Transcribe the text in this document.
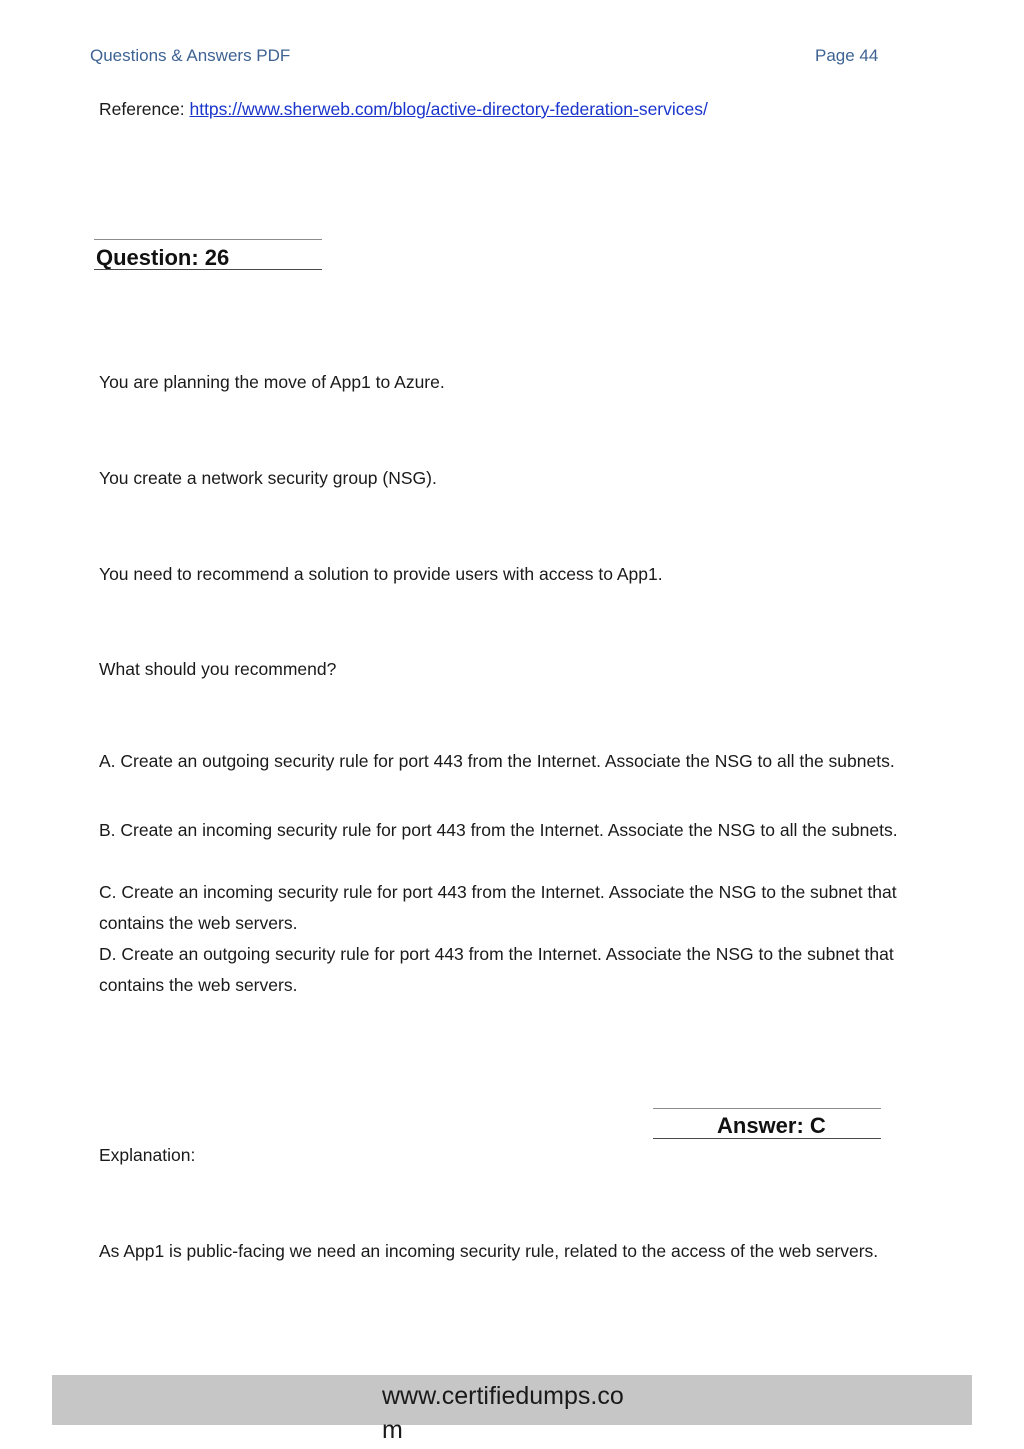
Questions & Answers PDF	Page 44
Reference: https://www.sherweb.com/blog/active-directory-federation-services/
Question: 26
You are planning the move of App1 to Azure.
You create a network security group (NSG).
You need to recommend a solution to provide users with access to App1.
What should you recommend?
A. Create an outgoing security rule for port 443 from the Internet. Associate the NSG to all the subnets.
B. Create an incoming security rule for port 443 from the Internet. Associate the NSG to all the subnets.
C. Create an incoming security rule for port 443 from the Internet. Associate the NSG to the subnet that contains the web servers.
D. Create an outgoing security rule for port 443 from the Internet. Associate the NSG to the subnet that contains the web servers.
Answer: C
Explanation:
As App1 is public-facing we need an incoming security rule, related to the access of the web servers.
www.certifiedumps.com
